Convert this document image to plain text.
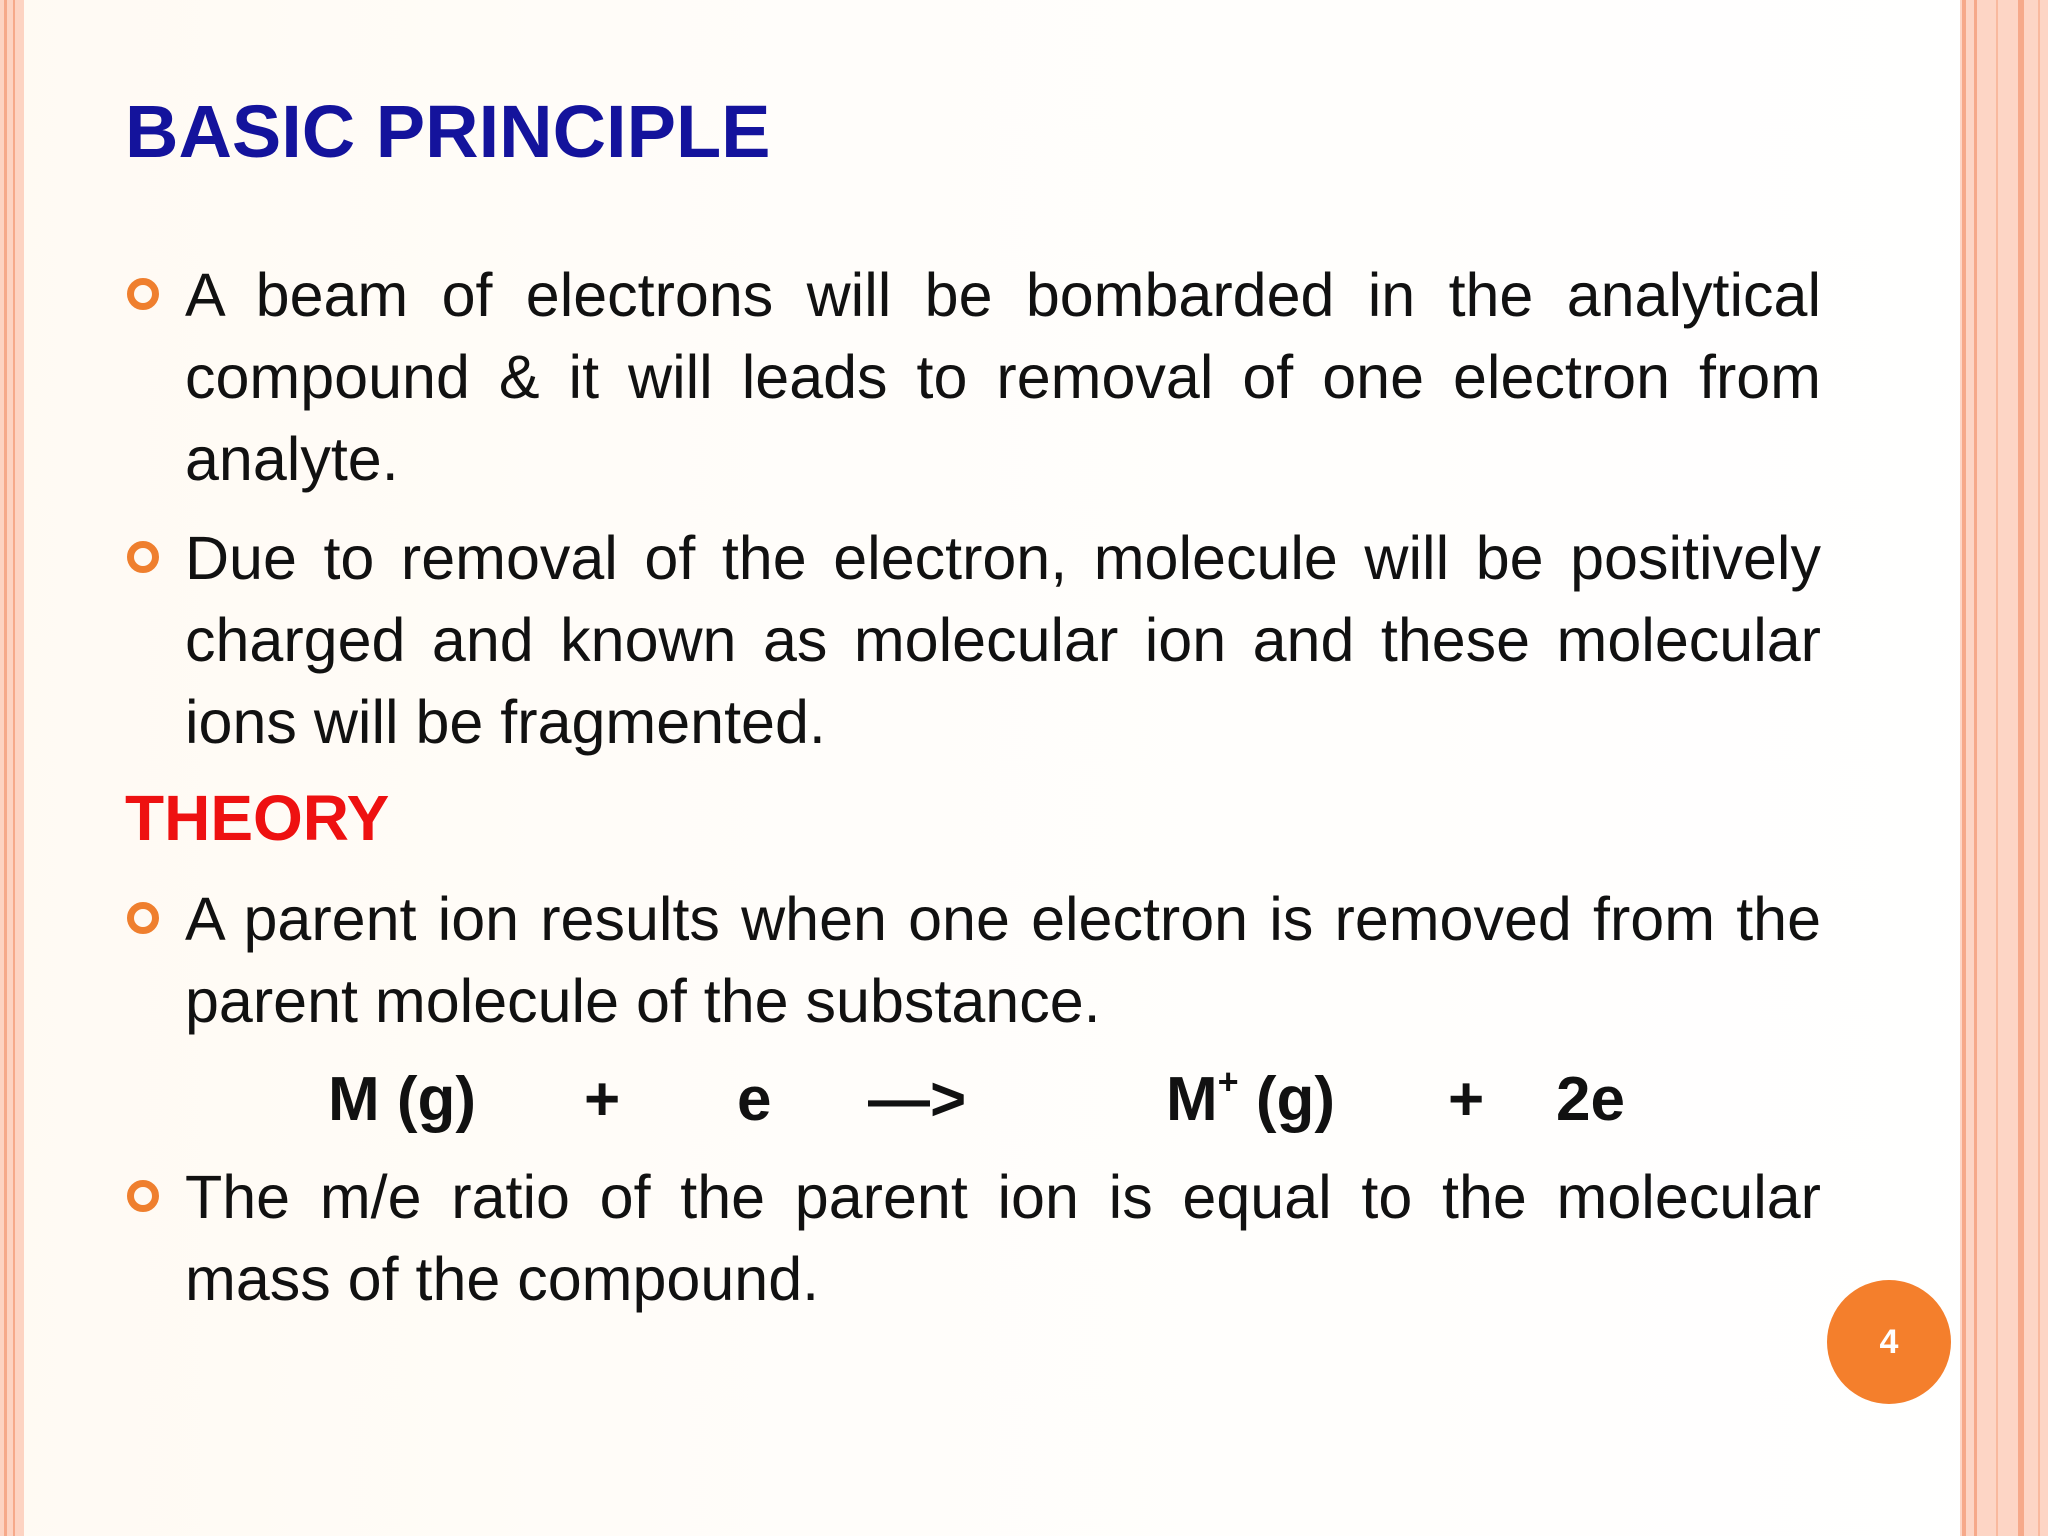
BASIC PRINCIPLE

A beam of electrons will be bombarded in the analytical compound & it will leads to removal of one electron from analyte.

Due to removal of the electron, molecule will be positively charged and known as molecular ion and these molecular ions will be fragmented.

THEORY

A parent ion results when one electron is removed from the parent molecule of the substance.

M (g) + e —>	M+ (g) + 2e

The m/e ratio of the parent ion is equal to the molecular mass of the compound.

4
